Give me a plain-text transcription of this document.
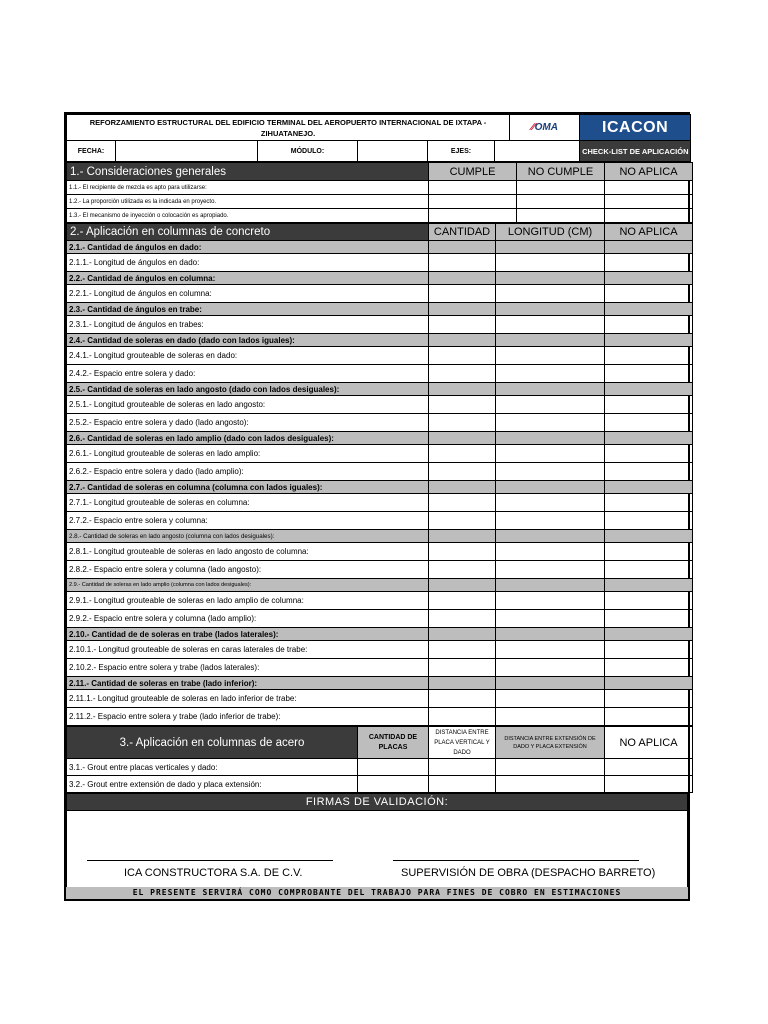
REFORZAMIENTO ESTRUCTURAL DEL EDIFICIO TERMINAL DEL AEROPUERTO INTERNACIONAL DE IXTAPA - ZIHUATANEJO.						∕∕OMA	ICACON
FECHA:		MÓDULO:		EJES:			CHECK-LIST DE APLICACIÓN DE GROUT
1.- Consideraciones generales	CUMPLE	NO CUMPLE	NO APLICA
1.1.- El recipiente de mezcla es apto para utilizarse:			
1.2.- La proporción utilizada es la indicada en proyecto.			
1.3.- El mecanismo de inyección o colocación es apropiado.			
2.- Aplicación en columnas de concreto	CANTIDAD	LONGITUD (CM)	NO APLICA
2.1.- Cantidad de ángulos en dado:			
2.1.1.- Longitud de ángulos en dado:			
2.2.- Cantidad de ángulos en columna:			
2.2.1.- Longitud de ángulos en columna:			
2.3.- Cantidad de ángulos en trabe:			
2.3.1.- Longitud de ángulos en trabes:			
2.4.- Cantidad de soleras en dado (dado con lados iguales):			
2.4.1.- Longitud grouteable de soleras en dado:			
2.4.2.- Espacio entre solera y dado:			
2.5.- Cantidad de soleras en lado angosto (dado con lados desiguales):			
2.5.1.- Longitud grouteable de soleras en lado angosto:			
2.5.2.- Espacio entre solera y dado (lado angosto):			
2.6.- Cantidad de soleras en lado amplio (dado con lados desiguales):			
2.6.1.- Longitud grouteable de soleras en lado amplio:			
2.6.2.- Espacio entre solera y dado (lado amplio):			
2.7.- Cantidad de soleras en columna (columna con lados iguales):			
2.7.1.- Longitud grouteable de soleras en columna:			
2.7.2.- Espacio entre solera y columna:			
2.8.- Cantidad de soleras en lado angosto (columna con lados desiguales):			
2.8.1.- Longitud grouteable de soleras en lado angosto de columna:			
2.8.2.- Espacio entre solera y columna (lado angosto):			
2.9.- Cantidad de soleras en lado amplio (columna con lados desiguales):			
2.9.1.- Longitud grouteable de soleras en lado amplio de columna:			
2.9.2.- Espacio entre solera y columna (lado amplio):			
2.10.- Cantidad de de soleras en trabe (lados laterales):			
2.10.1.- Longitud grouteable de soleras en caras laterales de trabe:			
2.10.2.- Espacio entre solera y trabe (lados laterales):			
2.11.- Cantidad de soleras en trabe (lado inferior):			
2.11.1.- Longitud grouteable de soleras en lado inferior de trabe:			
2.11.2.- Espacio entre solera y trabe (lado inferior de trabe):			
3.- Aplicación en columnas de acero	CANTIDAD DE PLACAS	DISTANCIA ENTRE PLACA VERTICAL Y DADO	DISTANCIA ENTRE EXTENSIÓN DE DADO Y PLACA EXTENSIÓN	NO APLICA
3.1.- Grout entre placas verticales y dado:				
3.2.- Grout entre extensión de dado y placa extensión:				
FIRMAS DE VALIDACIÓN:
ICA CONSTRUCTORA S.A. DE C.V.	SUPERVISIÓN DE OBRA (DESPACHO BARRETO)
EL PRESENTE SERVIRÁ COMO COMPROBANTE DEL TRABAJO PARA FINES DE COBRO EN ESTIMACIONES
